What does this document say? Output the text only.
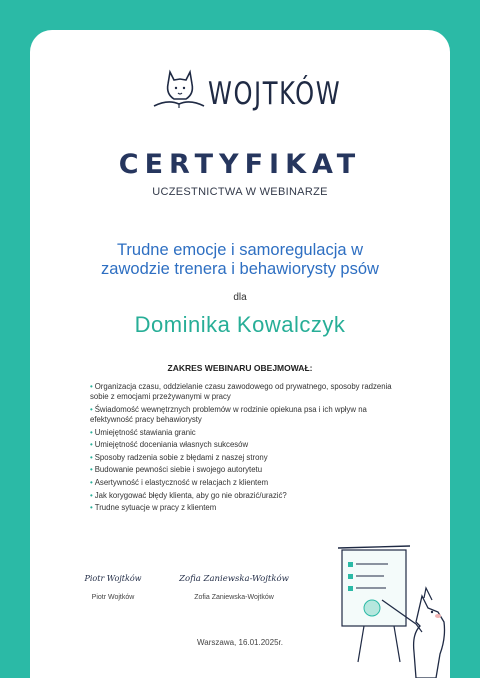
WOJTKÓW
CERTYFIKAT
UCZESTNICTWA W WEBINARZE
Trudne emocje i samoregulacja w
zawodzie trenera i behawiorysty psów
dla
Dominika Kowalczyk
ZAKRES WEBINARU OBEJMOWAŁ:
• Organizacja czasu, oddzielanie czasu zawodowego od prywatnego, sposoby radzenia sobie z emocjami przeżywanymi w pracy
• Świadomość wewnętrznych problemów w rodzinie opiekuna psa i ich wpływ na efektywność pracy behawiorysty
• Umiejętność stawiania granic
• Umiejętność doceniania własnych sukcesów
• Sposoby radzenia sobie z błędami z naszej strony
• Budowanie pewności siebie i swojego autorytetu
• Asertywność i elastyczność w relacjach z klientem
• Jak korygować błędy klienta, aby go nie obrazić/urazić?
• Trudne sytuacje w pracy z klientem
Piotr Wojtków
Piotr Wojtków
Zofia Zaniewska-Wojtków
Zofia Zaniewska-Wojtków
Warszawa, 16.01.2025r.
